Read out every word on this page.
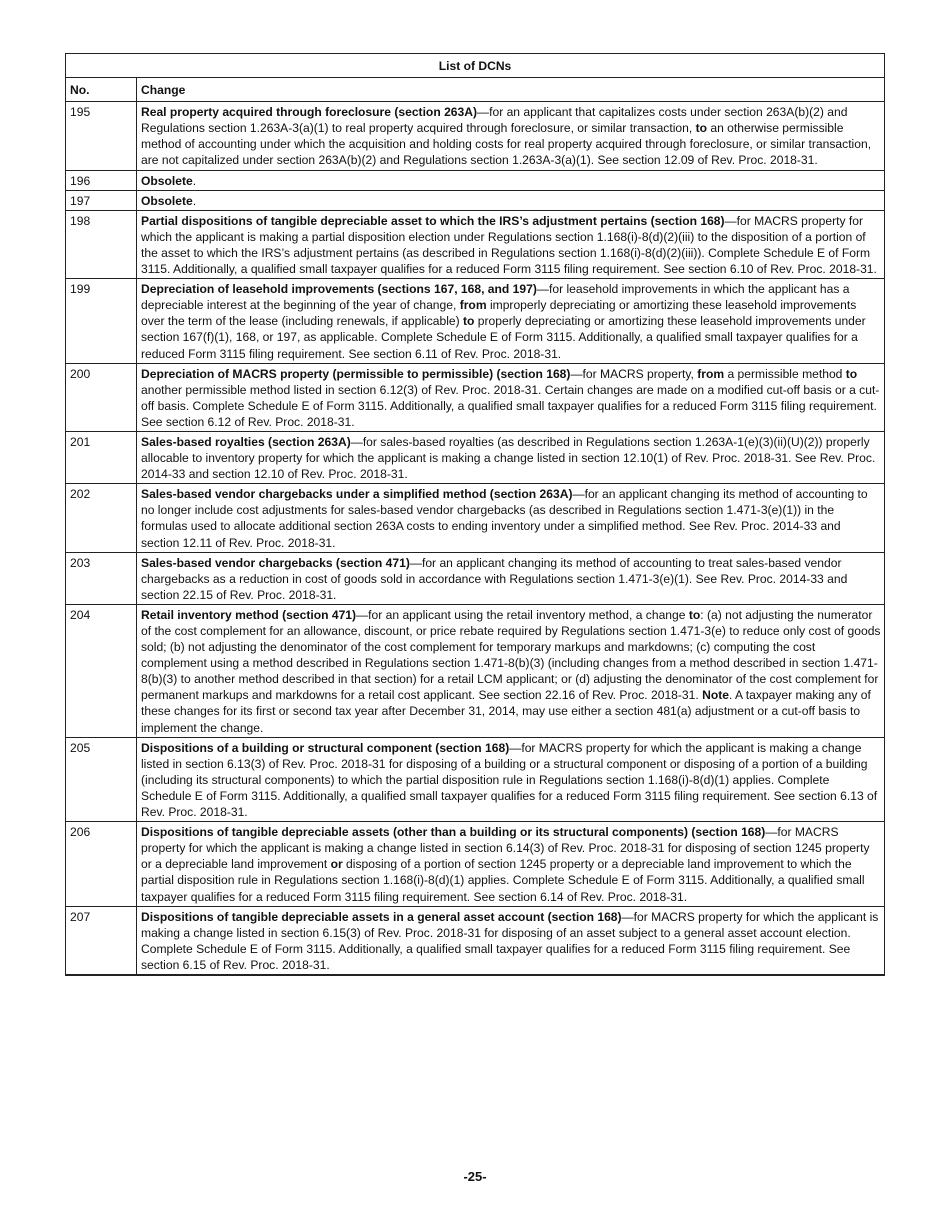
List of DCNs	
No.	Change
195	Real property acquired through foreclosure (section 263A)—for an applicant that capitalizes costs under section 263A(b)(2) and Regulations section 1.263A-3(a)(1) to real property acquired through foreclosure, or similar transaction, to an otherwise permissible method of accounting under which the acquisition and holding costs for real property acquired through foreclosure, or similar transaction, are not capitalized under section 263A(b)(2) and Regulations section 1.263A-3(a)(1). See section 12.09 of Rev. Proc. 2018-31.
196	Obsolete.
197	Obsolete.
198	Partial dispositions of tangible depreciable asset to which the IRS’s adjustment pertains (section 168)—for MACRS property for which the applicant is making a partial disposition election under Regulations section 1.168(i)-8(d)(2)(iii) to the disposition of a portion of the asset to which the IRS’s adjustment pertains (as described in Regulations section 1.168(i)-8(d)(2)(iii)). Complete Schedule E of Form 3115. Additionally, a qualified small taxpayer qualifies for a reduced Form 3115 filing requirement. See section 6.10 of Rev. Proc. 2018-31.
199	Depreciation of leasehold improvements (sections 167, 168, and 197)—for leasehold improvements in which the applicant has a depreciable interest at the beginning of the year of change, from improperly depreciating or amortizing these leasehold improvements over the term of the lease (including renewals, if applicable) to properly depreciating or amortizing these leasehold improvements under section 167(f)(1), 168, or 197, as applicable. Complete Schedule E of Form 3115. Additionally, a qualified small taxpayer qualifies for a reduced Form 3115 filing requirement. See section 6.11 of Rev. Proc. 2018-31.
200	Depreciation of MACRS property (permissible to permissible) (section 168)—for MACRS property, from a permissible method to another permissible method listed in section 6.12(3) of Rev. Proc. 2018-31. Certain changes are made on a modified cut-off basis or a cut-off basis. Complete Schedule E of Form 3115. Additionally, a qualified small taxpayer qualifies for a reduced Form 3115 filing requirement. See section 6.12 of Rev. Proc. 2018-31.
201	Sales-based royalties (section 263A)—for sales-based royalties (as described in Regulations section 1.263A-1(e)(3)(ii)(U)(2)) properly allocable to inventory property for which the applicant is making a change listed in section 12.10(1) of Rev. Proc. 2018-31. See Rev. Proc. 2014-33 and section 12.10 of Rev. Proc. 2018-31.
202	Sales-based vendor chargebacks under a simplified method (section 263A)—for an applicant changing its method of accounting to no longer include cost adjustments for sales-based vendor chargebacks (as described in Regulations section 1.471-3(e)(1)) in the formulas used to allocate additional section 263A costs to ending inventory under a simplified method. See Rev. Proc. 2014-33 and section 12.11 of Rev. Proc. 2018-31.
203	Sales-based vendor chargebacks (section 471)—for an applicant changing its method of accounting to treat sales-based vendor chargebacks as a reduction in cost of goods sold in accordance with Regulations section 1.471-3(e)(1). See Rev. Proc. 2014-33 and section 22.15 of Rev. Proc. 2018-31.
204	Retail inventory method (section 471)—for an applicant using the retail inventory method, a change to: (a) not adjusting the numerator of the cost complement for an allowance, discount, or price rebate required by Regulations section 1.471-3(e) to reduce only cost of goods sold; (b) not adjusting the denominator of the cost complement for temporary markups and markdowns; (c) computing the cost complement using a method described in Regulations section 1.471-8(b)(3) (including changes from a method described in section 1.471-8(b)(3) to another method described in that section) for a retail LCM applicant; or (d) adjusting the denominator of the cost complement for permanent markups and markdowns for a retail cost applicant. See section 22.16 of Rev. Proc. 2018-31. Note. A taxpayer making any of these changes for its first or second tax year after December 31, 2014, may use either a section 481(a) adjustment or a cut-off basis to implement the change.
205	Dispositions of a building or structural component (section 168)—for MACRS property for which the applicant is making a change listed in section 6.13(3) of Rev. Proc. 2018-31 for disposing of a building or a structural component or disposing of a portion of a building (including its structural components) to which the partial disposition rule in Regulations section 1.168(i)-8(d)(1) applies. Complete Schedule E of Form 3115. Additionally, a qualified small taxpayer qualifies for a reduced Form 3115 filing requirement. See section 6.13 of Rev. Proc. 2018-31.
206	Dispositions of tangible depreciable assets (other than a building or its structural components) (section 168)—for MACRS property for which the applicant is making a change listed in section 6.14(3) of Rev. Proc. 2018-31 for disposing of section 1245 property or a depreciable land improvement or disposing of a portion of section 1245 property or a depreciable land improvement to which the partial disposition rule in Regulations section 1.168(i)-8(d)(1) applies. Complete Schedule E of Form 3115. Additionally, a qualified small taxpayer qualifies for a reduced Form 3115 filing requirement. See section 6.14 of Rev. Proc. 2018-31.
207	Dispositions of tangible depreciable assets in a general asset account (section 168)—for MACRS property for which the applicant is making a change listed in section 6.15(3) of Rev. Proc. 2018-31 for disposing of an asset subject to a general asset account election. Complete Schedule E of Form 3115. Additionally, a qualified small taxpayer qualifies for a reduced Form 3115 filing requirement. See section 6.15 of Rev. Proc. 2018-31.
-25-
